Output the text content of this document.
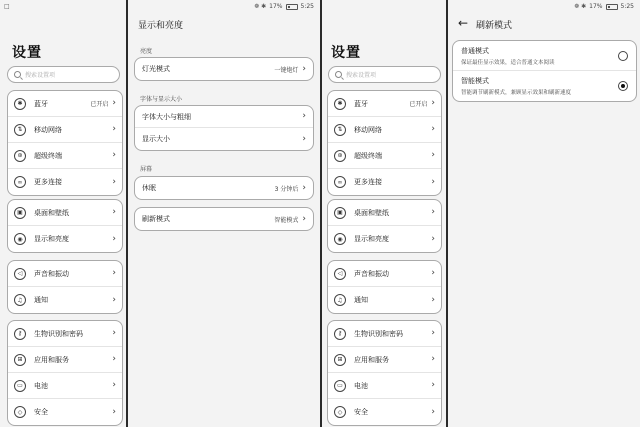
设置
搜索设置项
✱	蓝牙	已开启 ›
⇅	移动网络	›
⊛	超级终端	›
∞	更多连接	›
▣	桌面和壁纸	›
◉	显示和亮度	›
◁	声音和振动	›
♫	通知	›
⚷	生物识别和密码	›
⊞	应用和服务	›
▭	电池	›
◇	安全	›
□
显示和亮度
亮度
灯光模式	一键炮灯 ›
字体与显示大小
字体大小与粗细	›
显示大小	›
屏幕
休眠	3 分钟后 ›
刷新模式	智能模式 ›
❁ ✱ 17%	5:25
设置
搜索设置项
✱	蓝牙	已开启 ›
⇅	移动网络	›
⊛	超级终端	›
∞	更多连接	›
▣	桌面和壁纸	›
◉	显示和亮度	›
◁	声音和振动	›
♫	通知	›
⚷	生物识别和密码	›
⊞	应用和服务	›
▭	电池	›
◇	安全	›
← 刷新模式
普通模式
保证最佳显示效果，适合普通文本阅读
智能模式
智能调节刷新模式，兼顾显示效果和刷新速度
❁ ✱ 17%	5:25
